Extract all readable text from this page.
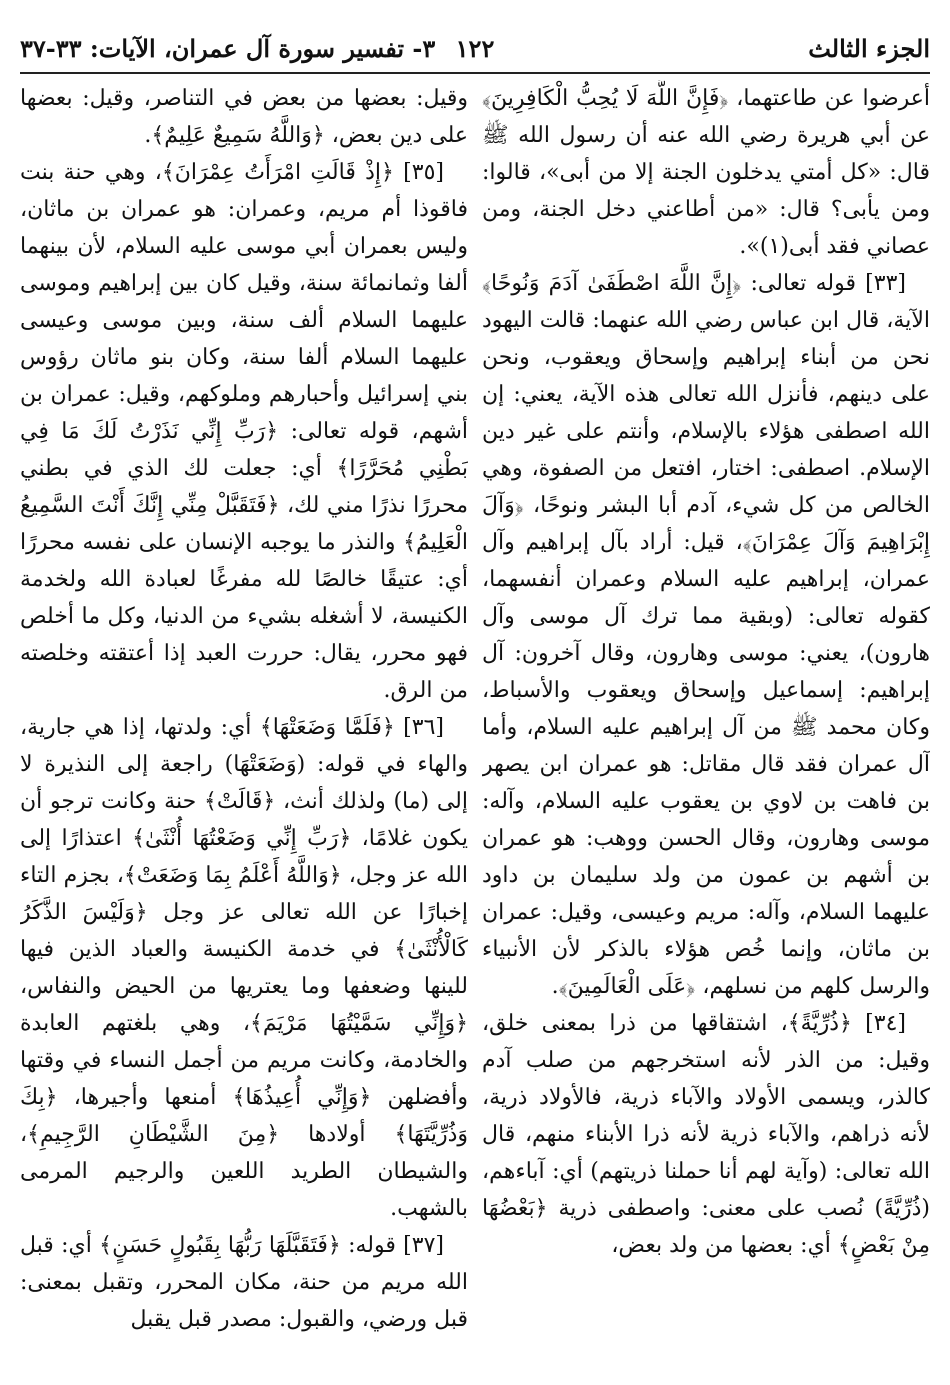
الجزء الثالث
١٢٢
٣- تفسير سورة آل عمران، الآيات: ٣٣-٣٧

أعرضوا عن طاعتهما، ﴿فَإِنَّ اللَّهَ لَا يُحِبُّ الْكَافِرِينَ﴾ عن أبي هريرة رضي الله عنه أن رسول الله ﷺ قال: «كل أمتي يدخلون الجنة إلا من أبى»، قالوا: ومن يأبى؟ قال: «من أطاعني دخل الجنة، ومن عصاني فقد أبى(١)».

[٣٣] قوله تعالى: ﴿إِنَّ اللَّهَ اصْطَفَىٰ آدَمَ وَنُوحًا﴾ الآية، قال ابن عباس رضي الله عنهما: قالت اليهود نحن من أبناء إبراهيم وإسحاق ويعقوب، ونحن على دينهم، فأنزل الله تعالى هذه الآية، يعني: إن الله اصطفى هؤلاء بالإسلام، وأنتم على غير دين الإسلام. اصطفى: اختار، افتعل من الصفوة، وهي الخالص من كل شيء، آدم أبا البشر ونوحًا، ﴿وَآلَ إِبْرَاهِيمَ وَآلَ عِمْرَانَ﴾، قيل: أراد بآل إبراهيم وآل عمران، إبراهيم عليه السلام وعمران أنفسهما، كقوله تعالى: (وبقية مما ترك آل موسى وآل هارون)، يعني: موسى وهارون، وقال آخرون: آل إبراهيم: إسماعيل وإسحاق ويعقوب والأسباط، وكان محمد ﷺ من آل إبراهيم عليه السلام، وأما آل عمران فقد قال مقاتل: هو عمران ابن يصهر بن فاهت بن لاوي بن يعقوب عليه السلام، وآله: موسى وهارون، وقال الحسن ووهب: هو عمران بن أشهم بن عمون من ولد سليمان بن داود عليهما السلام، وآله: مريم وعيسى، وقيل: عمران بن ماثان، وإنما خُص هؤلاء بالذكر لأن الأنبياء والرسل كلهم من نسلهم، ﴿عَلَى الْعَالَمِينَ﴾.

[٣٤] ﴿ذُرِّيَّةً﴾، اشتقاقها من ذرا بمعنى خلق، وقيل: من الذر لأنه استخرجهم من صلب آدم كالذر، ويسمى الأولاد والآباء ذرية، فالأولاد ذرية، لأنه ذراهم، والآباء ذرية لأنه ذرا الأبناء منهم، قال الله تعالى: (وآية لهم أنا حملنا ذريتهم) أي: آباءهم، (ذُرِّيَّةً) نُصب على معنى: واصطفى ذرية ﴿بَعْضُهَا مِنْ بَعْضٍ﴾ أي: بعضها من ولد بعض،

وقيل: بعضها من بعض في التناصر، وقيل: بعضها على دين بعض، ﴿وَاللَّهُ سَمِيعٌ عَلِيمٌ﴾.

[٣٥] ﴿إِذْ قَالَتِ امْرَأَتُ عِمْرَانَ﴾، وهي حنة بنت فاقوذا أم مريم، وعمران: هو عمران بن ماثان، وليس بعمران أبي موسى عليه السلام، لأن بينهما ألفا وثمانمائة سنة، وقيل كان بين إبراهيم وموسى عليهما السلام ألف سنة، وبين موسى وعيسى عليهما السلام ألفا سنة، وكان بنو ماثان رؤوس بني إسرائيل وأحبارهم وملوكهم، وقيل: عمران بن أشهم، قوله تعالى: ﴿رَبِّ إِنِّي نَذَرْتُ لَكَ مَا فِي بَطْنِي مُحَرَّرًا﴾ أي: جعلت لك الذي في بطني محررًا نذرًا مني لك، ﴿فَتَقَبَّلْ مِنِّي إِنَّكَ أَنْتَ السَّمِيعُ الْعَلِيمُ﴾ والنذر ما يوجبه الإنسان على نفسه محررًا أي: عتيقًا خالصًا لله مفرغًا لعبادة الله ولخدمة الكنيسة، لا أشغله بشيء من الدنيا، وكل ما أخلص فهو محرر، يقال: حررت العبد إذا أعتقته وخلصته من الرق.

[٣٦] ﴿فَلَمَّا وَضَعَتْهَا﴾ أي: ولدتها، إذا هي جارية، والهاء في قوله: (وَضَعَتْهَا) راجعة إلى النذيرة لا إلى (ما) ولذلك أنث، ﴿قَالَتْ﴾ حنة وكانت ترجو أن يكون غلامًا، ﴿رَبِّ إِنِّي وَضَعْتُهَا أُنْثَىٰ﴾ اعتذارًا إلى الله عز وجل، ﴿وَاللَّهُ أَعْلَمُ بِمَا وَضَعَتْ﴾، بجزم التاء إخبارًا عن الله تعالى عز وجل ﴿وَلَيْسَ الذَّكَرُ كَالْأُنْثَىٰ﴾ في خدمة الكنيسة والعباد الذين فيها للينها وضعفها وما يعتريها من الحيض والنفاس، ﴿وَإِنِّي سَمَّيْتُهَا مَرْيَمَ﴾، وهي بلغتهم العابدة والخادمة، وكانت مريم من أجمل النساء في وقتها وأفضلهن ﴿وَإِنِّي أُعِيذُهَا﴾ أمنعها وأجيرها، ﴿بِكَ وَذُرِّيَّتَهَا﴾ أولادها ﴿مِنَ الشَّيْطَانِ الرَّجِيمِ﴾، والشيطان الطريد اللعين والرجيم المرمى بالشهب.

[٣٧] قوله: ﴿فَتَقَبَّلَهَا رَبُّهَا بِقَبُولٍ حَسَنٍ﴾ أي: قبل الله مريم من حنة، مكان المحرر، وتقبل بمعنى: قبل ورضي، والقبول: مصدر قبل يقبل
